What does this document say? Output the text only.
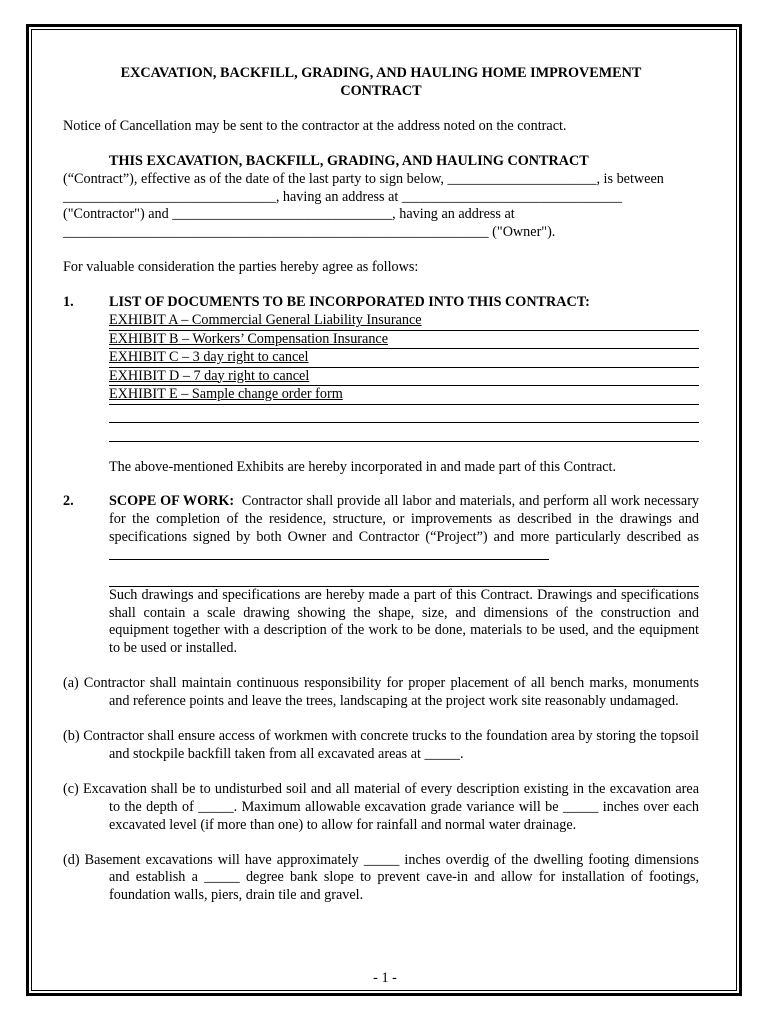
EXCAVATION, BACKFILL, GRADING, AND HAULING HOME IMPROVEMENT

CONTRACT

Notice of Cancellation may be sent to the contractor at the address noted on the contract.

THIS EXCAVATION, BACKFILL, GRADING, AND HAULING CONTRACT

(“Contract”), effective as of the date of the last party to sign below, _____________________, is between

______________________________, having an address at _______________________________

("Contractor") and _______________________________, having an address at

____________________________________________________________ ("Owner").

For valuable consideration the parties hereby agree as follows:

1.	LIST OF DOCUMENTS TO BE INCORPORATED INTO THIS CONTRACT:
EXHIBIT A – Commercial General Liability Insurance
EXHIBIT B – Workers’ Compensation Insurance
EXHIBIT C – 3 day right to cancel
EXHIBIT D – 7 day right to cancel
EXHIBIT E – Sample change order form

The above-mentioned Exhibits are hereby incorporated in and made part of this Contract.

2.	SCOPE OF WORK: Contractor shall provide all labor and materials, and perform all work necessary for the completion of the residence, structure, or improvements as described in the drawings and specifications signed by both Owner and Contractor (“Project”) and more particularly described as

Such drawings and specifications are hereby made a part of this Contract. Drawings and specifications shall contain a scale drawing showing the shape, size, and dimensions of the construction and equipment together with a description of the work to be done, materials to be used, and the equipment to be used or installed.

(a) Contractor shall maintain continuous responsibility for proper placement of all bench marks, monuments and reference points and leave the trees, landscaping at the project work site reasonably undamaged.

(b) Contractor shall ensure access of workmen with concrete trucks to the foundation area by storing the topsoil and stockpile backfill taken from all excavated areas at _____.

(c) Excavation shall be to undisturbed soil and all material of every description existing in the excavation area to the depth of _____. Maximum allowable excavation grade variance will be _____ inches over each excavated level (if more than one) to allow for rainfall and normal water drainage.

(d) Basement excavations will have approximately _____ inches overdig of the dwelling footing dimensions and establish a _____ degree bank slope to prevent cave-in and allow for installation of footings, foundation walls, piers, drain tile and gravel.

- 1 -
